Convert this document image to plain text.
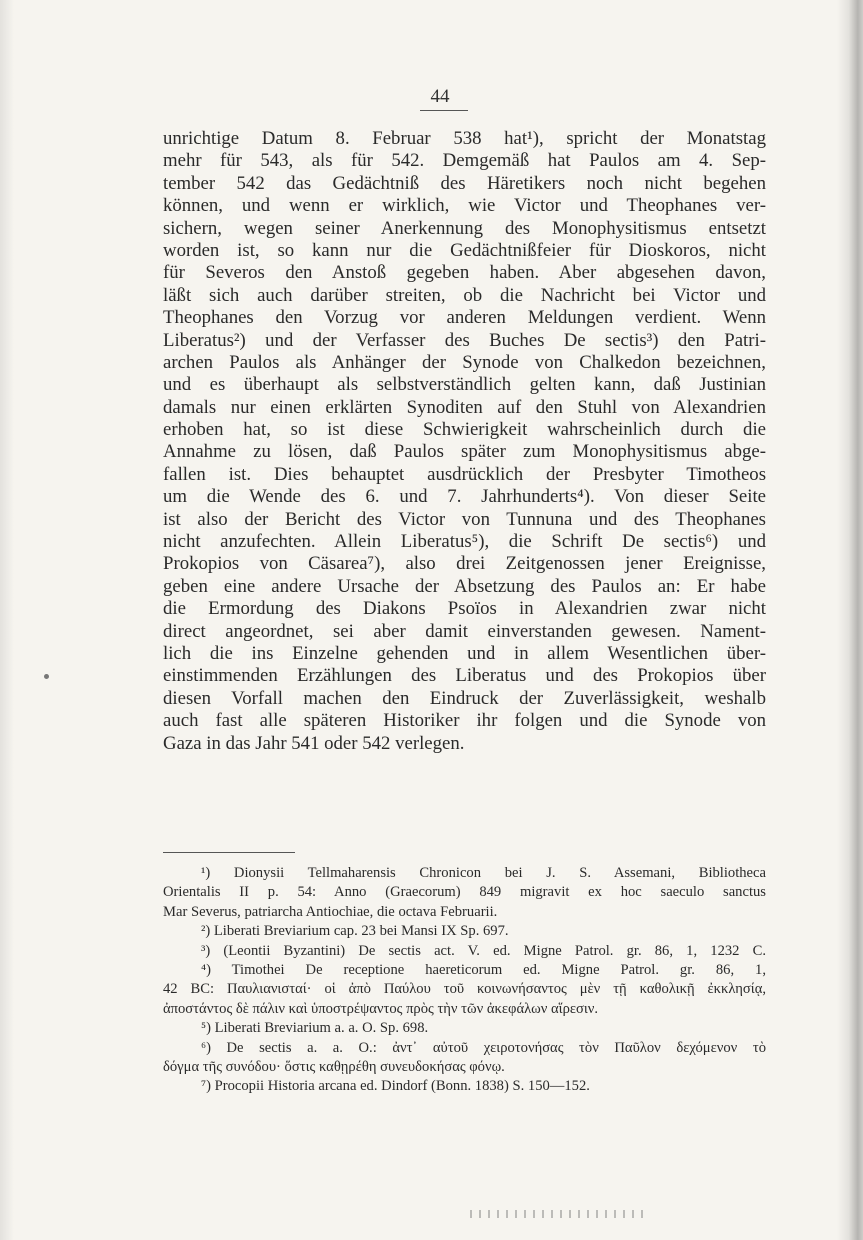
44
unrichtige Datum 8. Februar 538 hat¹), spricht der Monatstag
mehr für 543, als für 542. Demgemäß hat Paulos am 4. Sep-
tember 542 das Gedächtniß des Häretikers noch nicht begehen
können, und wenn er wirklich, wie Victor und Theophanes ver-
sichern, wegen seiner Anerkennung des Monophysitismus entsetzt
worden ist, so kann nur die Gedächtnißfeier für Dioskoros, nicht
für Severos den Anstoß gegeben haben. Aber abgesehen davon,
läßt sich auch darüber streiten, ob die Nachricht bei Victor und
Theophanes den Vorzug vor anderen Meldungen verdient. Wenn
Liberatus²) und der Verfasser des Buches De sectis³) den Patri-
archen Paulos als Anhänger der Synode von Chalkedon bezeichnen,
und es überhaupt als selbstverständlich gelten kann, daß Justinian
damals nur einen erklärten Synoditen auf den Stuhl von Alexandrien
erhoben hat, so ist diese Schwierigkeit wahrscheinlich durch die
Annahme zu lösen, daß Paulos später zum Monophysitismus abge-
fallen ist. Dies behauptet ausdrücklich der Presbyter Timotheos
um die Wende des 6. und 7. Jahrhunderts⁴). Von dieser Seite
ist also der Bericht des Victor von Tunnuna und des Theophanes
nicht anzufechten. Allein Liberatus⁵), die Schrift De sectis⁶) und
Prokopios von Cäsarea⁷), also drei Zeitgenossen jener Ereignisse,
geben eine andere Ursache der Absetzung des Paulos an: Er habe
die Ermordung des Diakons Psoïos in Alexandrien zwar nicht
direct angeordnet, sei aber damit einverstanden gewesen. Nament-
lich die ins Einzelne gehenden und in allem Wesentlichen über-
einstimmenden Erzählungen des Liberatus und des Prokopios über
diesen Vorfall machen den Eindruck der Zuverlässigkeit, weshalb
auch fast alle späteren Historiker ihr folgen und die Synode von
Gaza in das Jahr 541 oder 542 verlegen.
¹) Dionysii Tellmaharensis Chronicon bei J. S. Assemani, Bibliotheca
Orientalis II p. 54: Anno (Graecorum) 849 migravit ex hoc saeculo sanctus
Mar Severus, patriarcha Antiochiae, die octava Februarii.
²) Liberati Breviarium cap. 23 bei Mansi IX Sp. 697.
³) (Leontii Byzantini) De sectis act. V. ed. Migne Patrol. gr. 86, 1, 1232 C.
⁴) Timothei De receptione haereticorum ed. Migne Patrol. gr. 86, 1,
42 BC: Παυλιανισταί· οἱ ἀπὸ Παύλου τοῦ κοινωνήσαντος μὲν τῇ καθολικῇ ἐκκλησίᾳ,
ἀποστάντος δὲ πάλιν καὶ ὑποστρέψαντος πρὸς τὴν τῶν ἀκεφάλων αἵρεσιν.
⁵) Liberati Breviarium a. a. O. Sp. 698.
⁶) De sectis a. a. O.: ἀντ᾽ αὐτοῦ χειροτονήσας τὸν Παῦλον δεχόμενον τὸ
δόγμα τῆς συνόδου· ὅστις καθῃρέθη συνευδοκήσας φόνῳ.
⁷) Procopii Historia arcana ed. Dindorf (Bonn. 1838) S. 150—152.
